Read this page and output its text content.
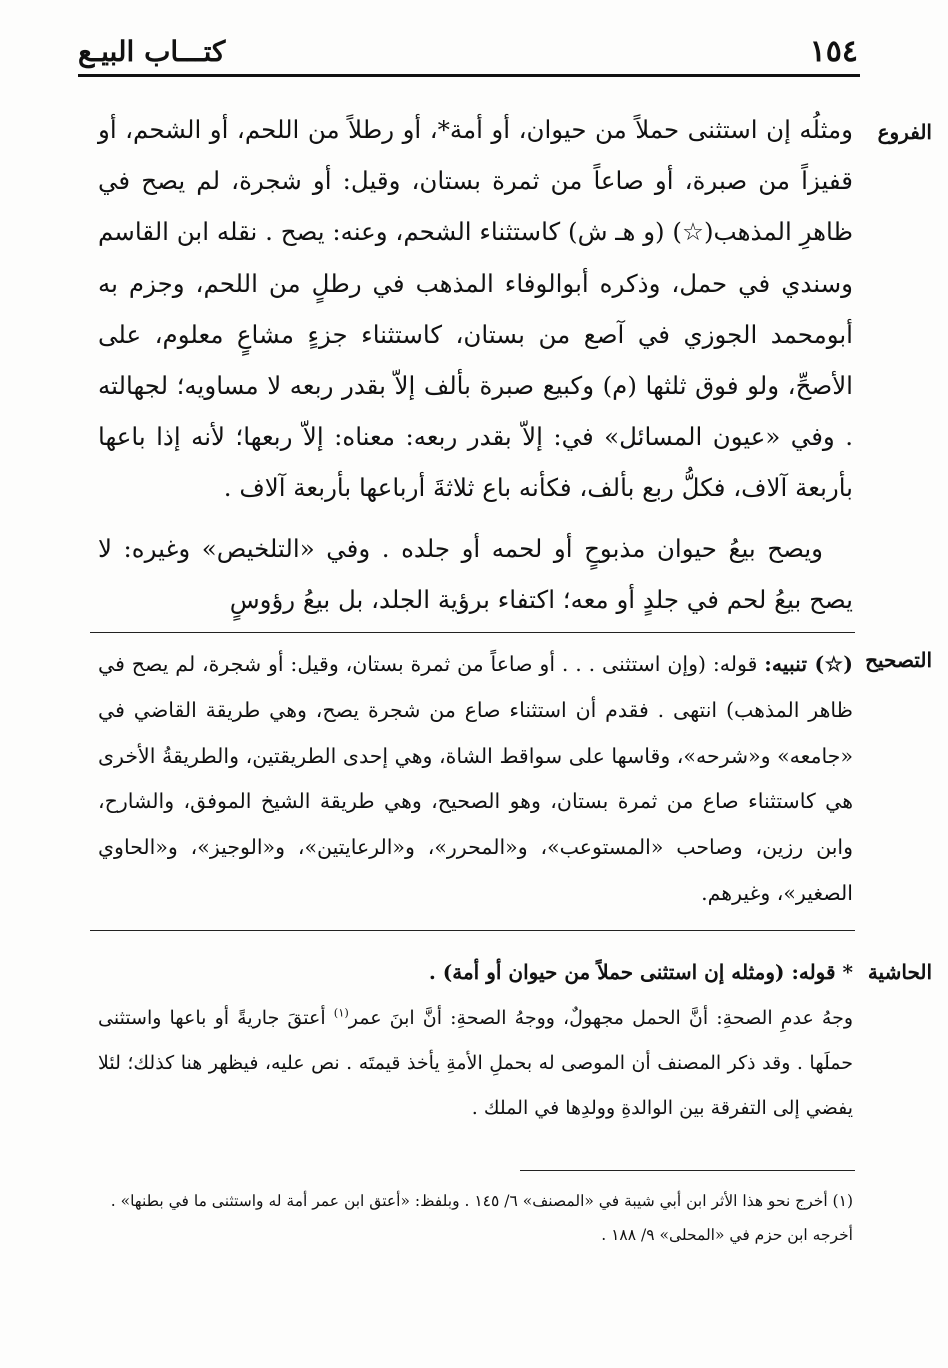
١٥٤
كتـــاب البيـع
الفروع

ومثلُه إن استثنى حملاً من حيوان، أو أمة*، أو رطلاً من اللحم، أو الشحم، أو قفيزاً من صبرة، أو صاعاً من ثمرة بستان، وقيل: أو شجرة، لم يصح في ظاهرِ المذهب(☆) (و هـ ش) كاستثناء الشحم، وعنه: يصح . نقله ابن القاسم وسندي في حمل، وذكره أبوالوفاء المذهب في رطلٍ من اللحم، وجزم به أبومحمد الجوزي في آصع من بستان، كاستثناء جزءٍ مشاعٍ معلوم، على الأصحِّ، ولو فوق ثلثها (م) وكبيع صبرة بألف إلاّ بقدر ربعه لا مساويه؛ لجهالته . وفي «عيون المسائل» في: إلاّ بقدر ربعه: معناه: إلاّ ربعها؛ لأنه إذا باعها بأربعة آلاف، فكلُّ ربع بألف، فكأنه باع ثلاثةَ أرباعها بأربعة آلاف .

ويصح بيعُ حيوان مذبوحٍ أو لحمه أو جلده . وفي «التلخيص» وغيره: لا يصح بيعُ لحم في جلدٍ أو معه؛ اكتفاء برؤية الجلد، بل بيعُ رؤوسٍ

التصحيح

(☆) تنبيه: قوله: (وإن استثنى . . . أو صاعاً من ثمرة بستان، وقيل: أو شجرة، لم يصح في ظاهر المذهب) انتهى . فقدم أن استثناء صاع من شجرة يصح، وهي طريقة القاضي في «جامعه» و«شرحه»، وقاسها على سواقط الشاة، وهي إحدى الطريقتين، والطريقةُ الأخرى هي كاستثناء صاع من ثمرة بستان، وهو الصحيح، وهي طريقة الشيخ الموفق، والشارح، وابن رزين، وصاحب «المستوعب»، و«المحرر»، و«الرعايتين»، و«الوجيز»، و«الحاوي الصغير»، وغيرهم.

الحاشية
* قوله: (ومثله إن استثنى حملاً من حيوان أو أمة) .

وجهُ عدمِ الصحةِ: أنَّ الحمل مجهولٌ، ووجهُ الصحةِ: أنَّ ابنَ عمر$^{(١)}$ أعتقَ جاريةً أو باعها واستثنى حملَها . وقد ذكر المصنف أن الموصى له بحملِ الأمةِ يأخذ قيمتَه . نص عليه، فيظهر هنا كذلك؛ لئلا يفضي إلى التفرقة بين الوالدةِ وولدِها في الملك .

(١) أخرج نحو هذا الأثر ابن أبي شيبة في «المصنف» ٦/ ١٤٥ . وبلفظ: «أعتق ابن عمر أمة له واستثنى ما في بطنها» .

أخرجه ابن حزم في «المحلى» ٩/ ١٨٨ .
